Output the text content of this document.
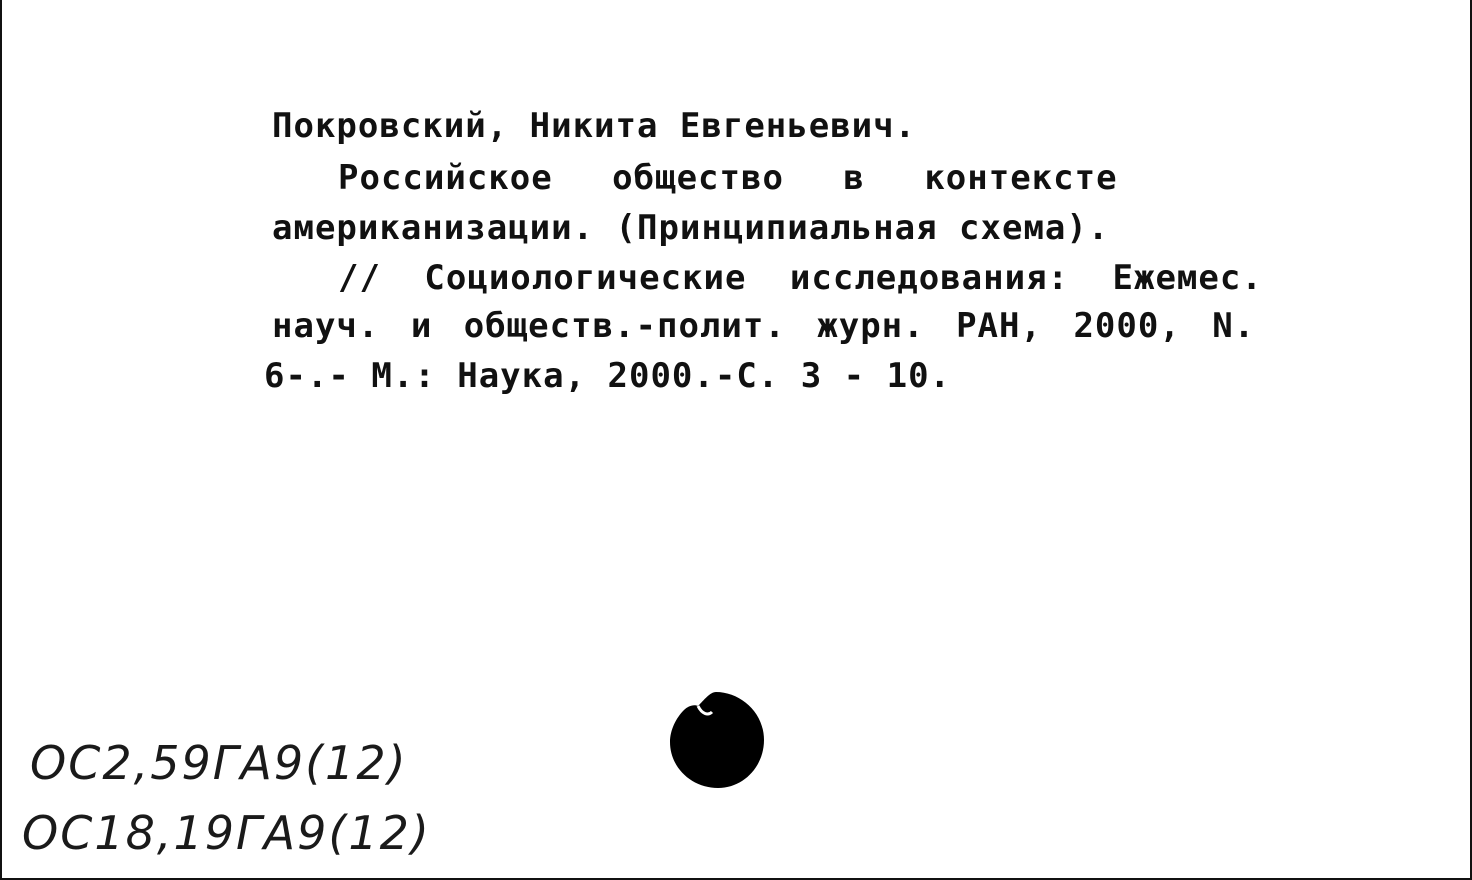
Покровский, Никита Евгеньевич.

Российское общество в контексте

американизации. (Принципиальная схема).

// Социологические исследования: Ежемес.

науч. и обществ.-полит. журн. РАН, 2000, N.

6-.- М.: Наука, 2000.-С. 3 - 10.

ОС2,59ГА9(12)
ОС18,19ГА9(12)
